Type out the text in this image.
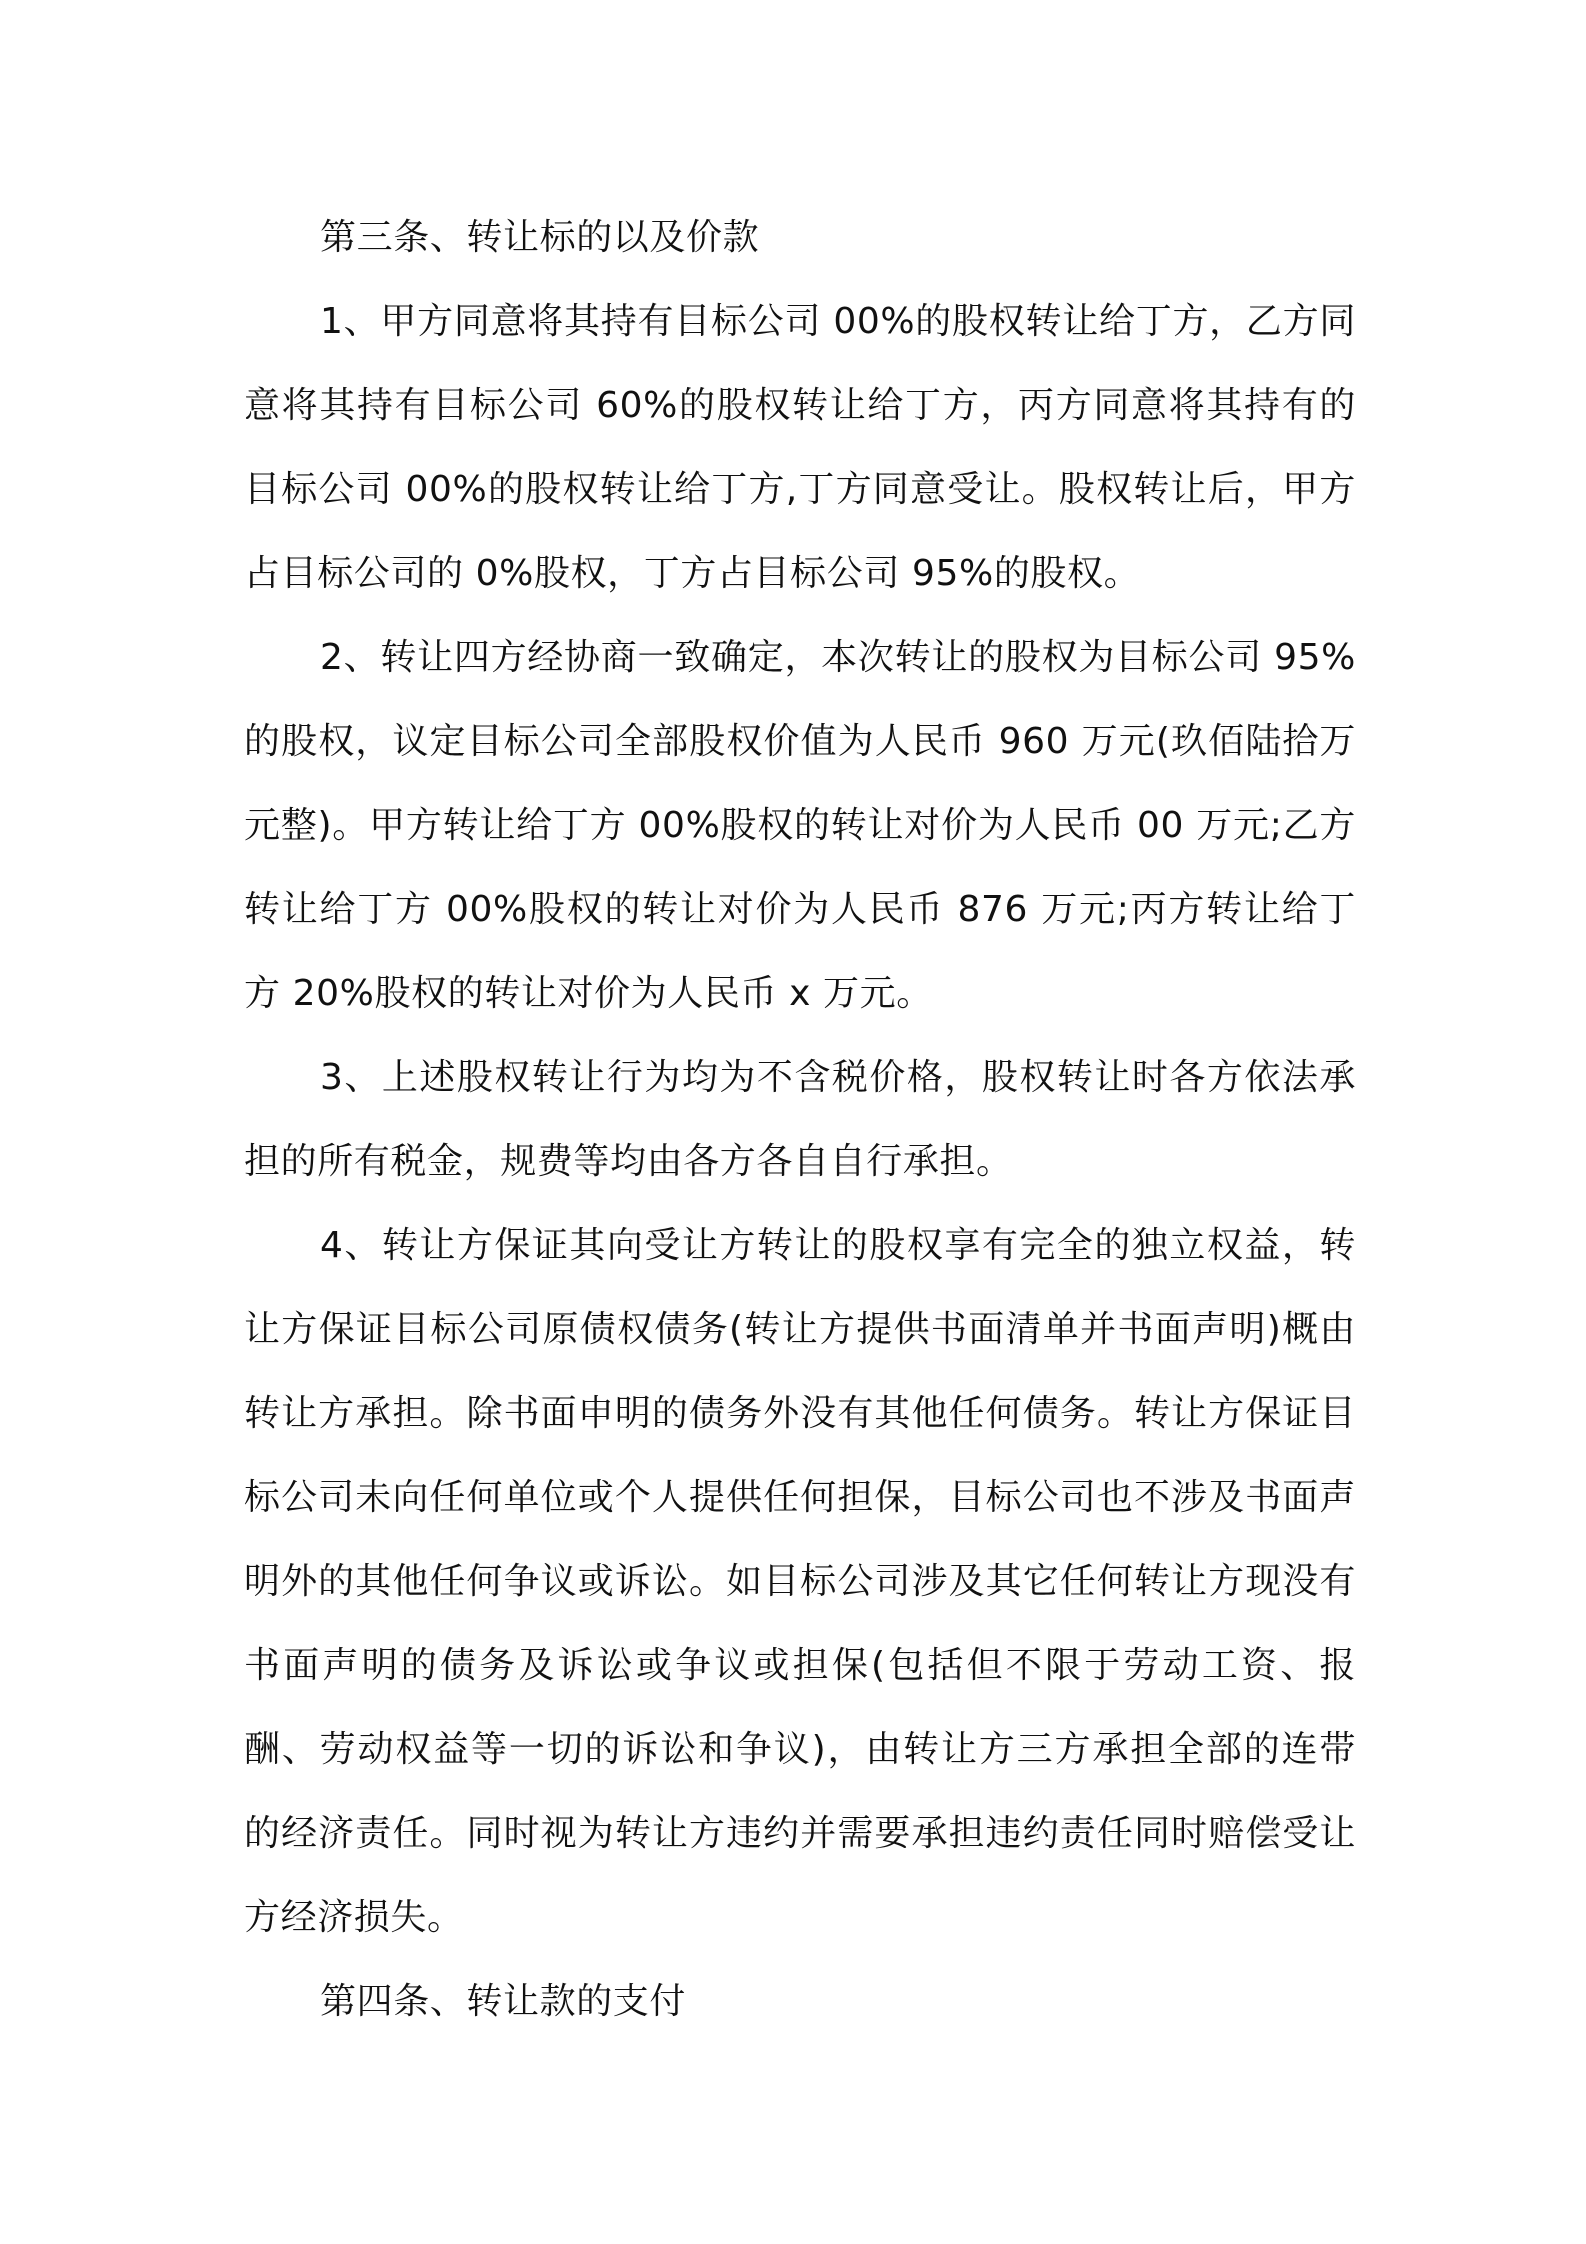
第三条、转让标的以及价款

1、甲方同意将其持有目标公司 00%的股权转让给丁方，乙方同意将其持有目标公司 60%的股权转让给丁方，丙方同意将其持有的目标公司 00%的股权转让给丁方,丁方同意受让。股权转让后，甲方占目标公司的 0%股权，丁方占目标公司 95%的股权。

2、转让四方经协商一致确定，本次转让的股权为目标公司 95%的股权，议定目标公司全部股权价值为人民币 960 万元(玖佰陆拾万元整)。甲方转让给丁方 00%股权的转让对价为人民币 00 万元;乙方转让给丁方 00%股权的转让对价为人民币 876 万元;丙方转让给丁方 20%股权的转让对价为人民币 x 万元。

3、上述股权转让行为均为不含税价格，股权转让时各方依法承担的所有税金，规费等均由各方各自自行承担。

4、转让方保证其向受让方转让的股权享有完全的独立权益，转让方保证目标公司原债权债务(转让方提供书面清单并书面声明)概由转让方承担。除书面申明的债务外没有其他任何债务。转让方保证目标公司未向任何单位或个人提供任何担保，目标公司也不涉及书面声明外的其他任何争议或诉讼。如目标公司涉及其它任何转让方现没有书面声明的债务及诉讼或争议或担保(包括但不限于劳动工资、报酬、劳动权益等一切的诉讼和争议)，由转让方三方承担全部的连带的经济责任。同时视为转让方违约并需要承担违约责任同时赔偿受让方经济损失。

第四条、转让款的支付
